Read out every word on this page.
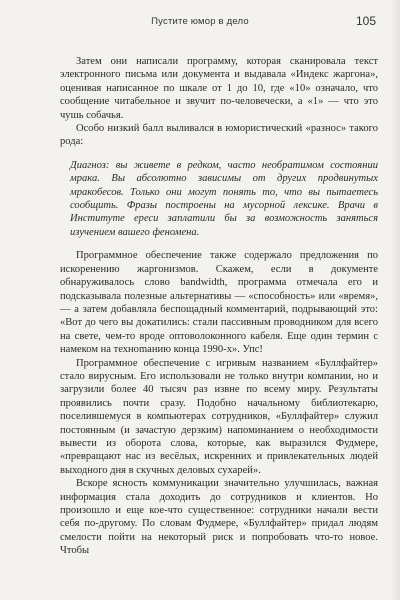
Пустите юмор в дело	105

Затем они написали программу, которая сканировала текст электронного письма или документа и выдавала «Индекс жаргона», оценивая написанное по шкале от 1 до 10, где «10» означало, что сообщение читабельное и звучит по-человечески, а «1» — что это чушь собачья.

Особо низкий балл выливался в юмористический «разнос» такого рода:

Диагноз: вы живете в редком, часто необратимом состоянии мрака. Вы абсолютно зависимы от других продвинутых мракобесов. Только они могут понять то, что вы пытаетесь сообщить. Фразы построены на мусорной лексике. Врачи в Институте ереси заплатили бы за возможность заняться изучением вашего феномена.

Программное обеспечение также содержало предложения по искоренению жаргонизмов. Скажем, если в документе обнаруживалось слово bandwidth, программа отмечала его и подсказывала полезные альтернативы — «способность» или «время», — а затем добавляла беспощадный комментарий, подрывающий это: «Вот до чего вы докатились: стали пассивным проводником для всего на свете, чем-то вроде оптоволоконного кабеля. Еще один термин с намеком на технomанию конца 1990-х». Упс!

Программное обеспечение с игривым названием «Буллфайтер» стало вирусным. Его использовали не только внутри компании, но и загрузили более 40 тысяч раз извне по всему миру. Результаты проявились почти сразу. Подобно начальному библиотекарю, поселившемуся в компьютерах сотрудников, «Буллфайтер» служил постоянным (и зачастую дерзким) напоминанием о необходимости вывести из оборота слова, которые, как выразился Фудмере, «превращают нас из весёлых, искренних и привлекательных людей выходного дня в скучных деловых сухарей».

Вскоре ясность коммуникации значительно улучшилась, важная информация стала доходить до сотрудников и клиентов. Но произошло и еще кое-что существенное: сотрудники начали вести себя по-другому. По словам Фудмере, «Буллфайтер» придал людям смелости пойти на некоторый риск и попробовать что-то новое. Чтобы
